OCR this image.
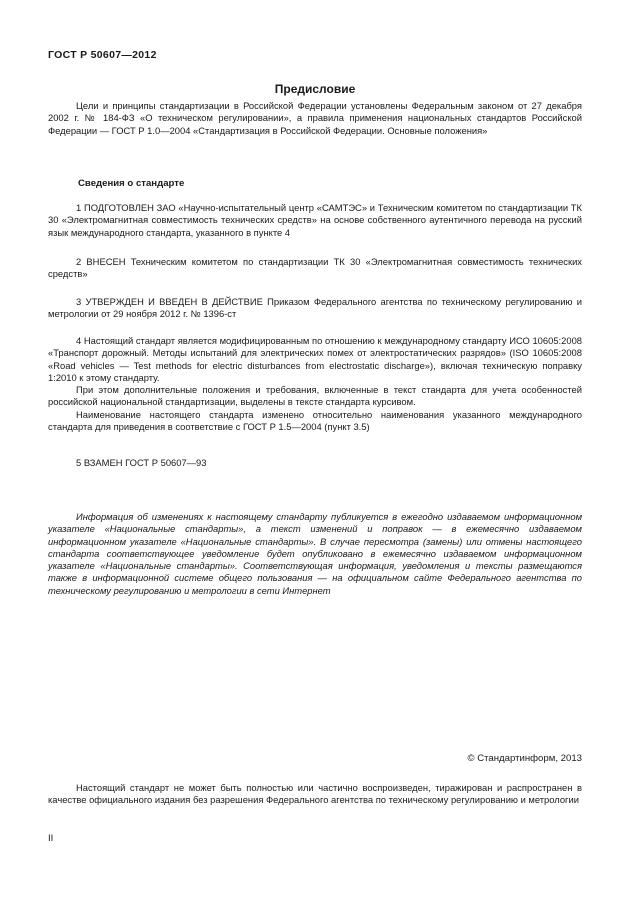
ГОСТ Р 50607—2012
Предисловие

Цели и принципы стандартизации в Российской Федерации установлены Федеральным законом от 27 декабря 2002 г. № 184-ФЗ «О техническом регулировании», а правила применения национальных стандартов Российской Федерации — ГОСТ Р 1.0—2004 «Стандартизация в Российской Федерации. Основные положения»

Сведения о стандарте

1 ПОДГОТОВЛЕН ЗАО «Научно-испытательный центр «САМТЭС» и Техническим комитетом по стандартизации ТК 30 «Электромагнитная совместимость технических средств» на основе собственного аутентичного перевода на русский язык международного стандарта, указанного в пункте 4

2 ВНЕСЕН Техническим комитетом по стандартизации ТК 30 «Электромагнитная совместимость технических средств»

3 УТВЕРЖДЕН И ВВЕДЕН В ДЕЙСТВИЕ Приказом Федерального агентства по техническому регулированию и метрологии от 29 ноября 2012 г. № 1396-ст

4 Настоящий стандарт является модифицированным по отношению к международному стандарту ИСО 10605:2008 «Транспорт дорожный. Методы испытаний для электрических помех от электростатических разрядов» (ISO 10605:2008 «Road vehicles — Test methods for electric disturbances from electrostatic discharge»), включая техническую поправку 1:2010 к этому стандарту.

При этом дополнительные положения и требования, включенные в текст стандарта для учета особенностей российской национальной стандартизации, выделены в тексте стандарта курсивом.

Наименование настоящего стандарта изменено относительно наименования указанного международного стандарта для приведения в соответствие с ГОСТ Р 1.5—2004 (пункт 3.5)

5 ВЗАМЕН ГОСТ Р 50607—93

Информация об изменениях к настоящему стандарту публикуется в ежегодно издаваемом информационном указателе «Национальные стандарты», а текст изменений и поправок — в ежемесячно издаваемом информационном указателе «Национальные стандарты». В случае пересмотра (замены) или отмены настоящего стандарта соответствующее уведомление будет опубликовано в ежемесячно издаваемом информационном указателе «Национальные стандарты». Соответствующая информация, уведомления и тексты размещаются также в информационной системе общего пользования — на официальном сайте Федерального агентства по техническому регулированию и метрологии в сети Интернет

© Стандартинформ, 2013

Настоящий стандарт не может быть полностью или частично воспроизведен, тиражирован и распространен в качестве официального издания без разрешения Федерального агентства по техническому регулированию и метрологии

II
